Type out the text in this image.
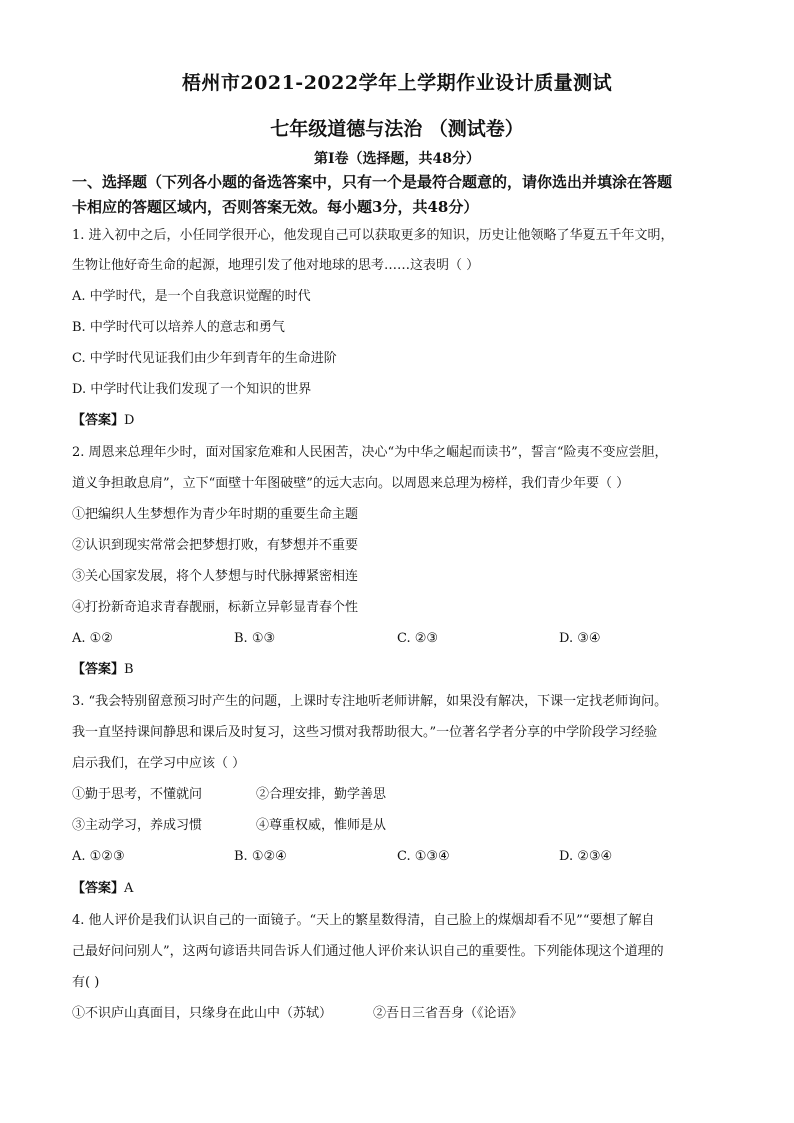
梧州市2021-2022学年上学期作业设计质量测试
七年级道德与法治 （测试卷）
第I卷（选择题，共48分）
一、选择题（下列各小题的备选答案中，只有一个是最符合题意的，请你选出并填涂在答题
卡相应的答题区域内，否则答案无效。每小题3分，共48分）
1. 进入初中之后，小任同学很开心，他发现自己可以获取更多的知识，历史让他领略了华夏五千年文明，
生物让他好奇生命的起源，地理引发了他对地球的思考……这表明（ ）
A. 中学时代，是一个自我意识觉醒的时代
B. 中学时代可以培养人的意志和勇气
C. 中学时代见证我们由少年到青年的生命进阶
D. 中学时代让我们发现了一个知识的世界
【答案】D
2. 周恩来总理年少时，面对国家危难和人民困苦，决心“为中华之崛起而读书”，誓言“险夷不变应尝胆，
道义争担敢息肩”，立下“面壁十年图破壁”的远大志向。以周恩来总理为榜样，我们青少年要（ ）
①把编织人生梦想作为青少年时期的重要生命主题
②认识到现实常常会把梦想打败，有梦想并不重要
③关心国家发展，将个人梦想与时代脉搏紧密相连
④打扮新奇追求青春靓丽，标新立异彰显青春个性
A. ①②	B. ①③	C. ②③	D. ③④
【答案】B
3. “我会特别留意预习时产生的问题，上课时专注地听老师讲解，如果没有解决，下课一定找老师询问。
我一直坚持课间静思和课后及时复习，这些习惯对我帮助很大。”一位著名学者分享的中学阶段学习经验
启示我们，在学习中应该（ ）
①勤于思考，不懂就问	②合理安排，勤学善思
③主动学习，养成习惯	④尊重权威，惟师是从
A. ①②③	B. ①②④	C. ①③④	D. ②③④
【答案】A
4. 他人评价是我们认识自己的一面镜子。“天上的繁星数得清，自己脸上的煤烟却看不见”“要想了解自
己最好问问别人”，这两句谚语共同告诉人们通过他人评价来认识自己的重要性。下列能体现这个道理的
有( )
①不识庐山真面目，只缘身在此山中（苏轼）	②吾日三省吾身（《论语》
